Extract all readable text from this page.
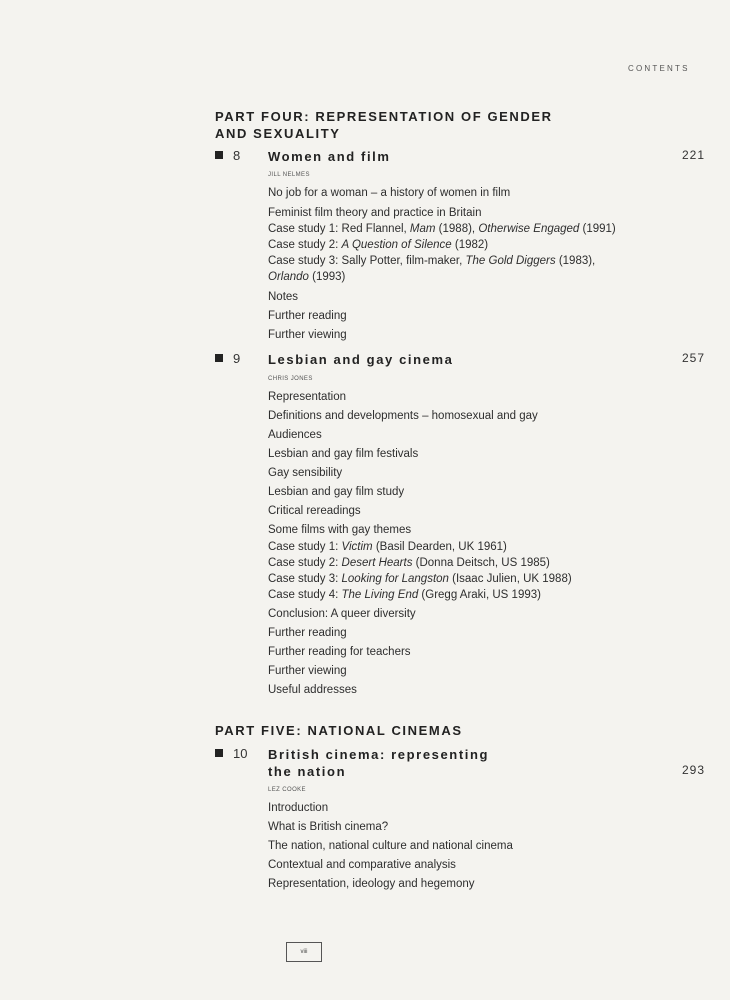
CONTENTS
PART FOUR: REPRESENTATION OF GENDER
AND SEXUALITY
8 Women and film	221
JILL NELMES
No job for a woman – a history of women in film
Feminist film theory and practice in Britain
Case study 1: Red Flannel, Mam (1988), Otherwise Engaged (1991)
Case study 2: A Question of Silence (1982)
Case study 3: Sally Potter, film-maker, The Gold Diggers (1983),
Orlando (1993)
Notes
Further reading
Further viewing
9 Lesbian and gay cinema	257
CHRIS JONES
Representation
Definitions and developments – homosexual and gay
Audiences
Lesbian and gay film festivals
Gay sensibility
Lesbian and gay film study
Critical rereadings
Some films with gay themes
Case study 1: Victim (Basil Dearden, UK 1961)
Case study 2: Desert Hearts (Donna Deitsch, US 1985)
Case study 3: Looking for Langston (Isaac Julien, UK 1988)
Case study 4: The Living End (Gregg Araki, US 1993)
Conclusion: A queer diversity
Further reading
Further reading for teachers
Further viewing
Useful addresses
PART FIVE: NATIONAL CINEMAS
10 British cinema: representing
the nation	293
LEZ COOKE
Introduction
What is British cinema?
The nation, national culture and national cinema
Contextual and comparative analysis
Representation, ideology and hegemony
viii
